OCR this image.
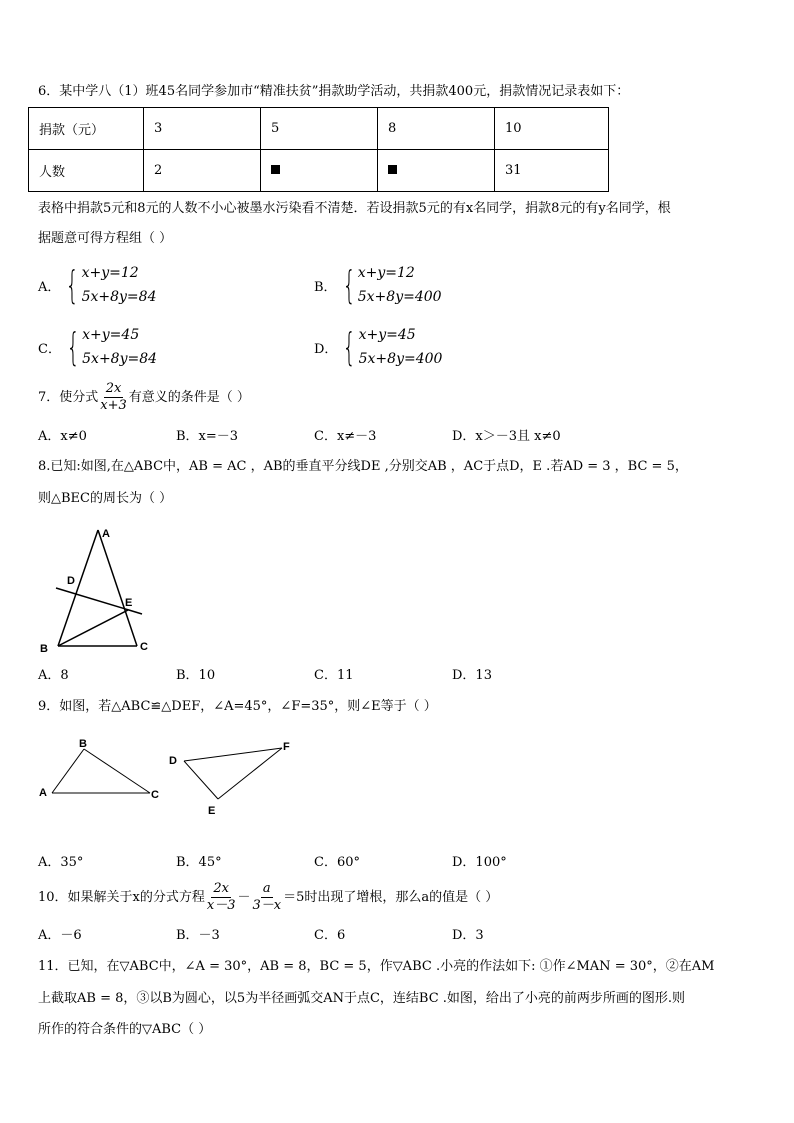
6．某中学八（1）班45名同学参加市“精准扶贫”捐款助学活动，共捐款400元，捐款情况记录表如下：
捐款（元）	3	5	8	10
人数	2			31
表格中捐款5元和8元的人数不小心被墨水污染看不清楚．若设捐款5元的有x名同学，捐款8元的有y名同学，根
据题意可得方程组（ ）
A． { x+y=12
5x+8y=84
B． { x+y=12
5x+8y=400
C． { x+y=45
5x+8y=84
D． { x+y=45
5x+8y=400
7．使分式 $\frac{2x}{x+3}$ 有意义的条件是（ ）
A．x≠0	B．x=－3	C．x≠－3	D．x＞－3且 x≠0
8.已知:如图,在△ABC中，AB = AC ，AB的垂直平分线DE ,分别交AB ，AC于点D，E .若AD = 3 ，BC = 5，
则△BEC的周长为（ ）
A
D
E
B	C
A．8	B．10	C．11	D．13
9．如图，若△ABC≌△DEF，∠A=45°，∠F=35°，则∠E等于（ ）
A
B
C
D
E
F
A．35°	B．45°	C．60°	D．100°
10．如果解关于x的分式方程 $\frac{2x}{x-3} - \frac{a}{3-x} =5$时出现了增根，那么a的值是（ ）
A．－6	B．－3	C．6	D．3
11．已知，在▽ABC中，∠A = 30°，AB = 8，BC = 5，作▽ABC .小亮的作法如下: ①作∠MAN = 30°，②在AM
上截取AB = 8，③以B为圆心，以5为半径画弧交AN于点C，连结BC .如图，给出了小亮的前两步所画的图形.则
所作的符合条件的▽ABC（ ）
